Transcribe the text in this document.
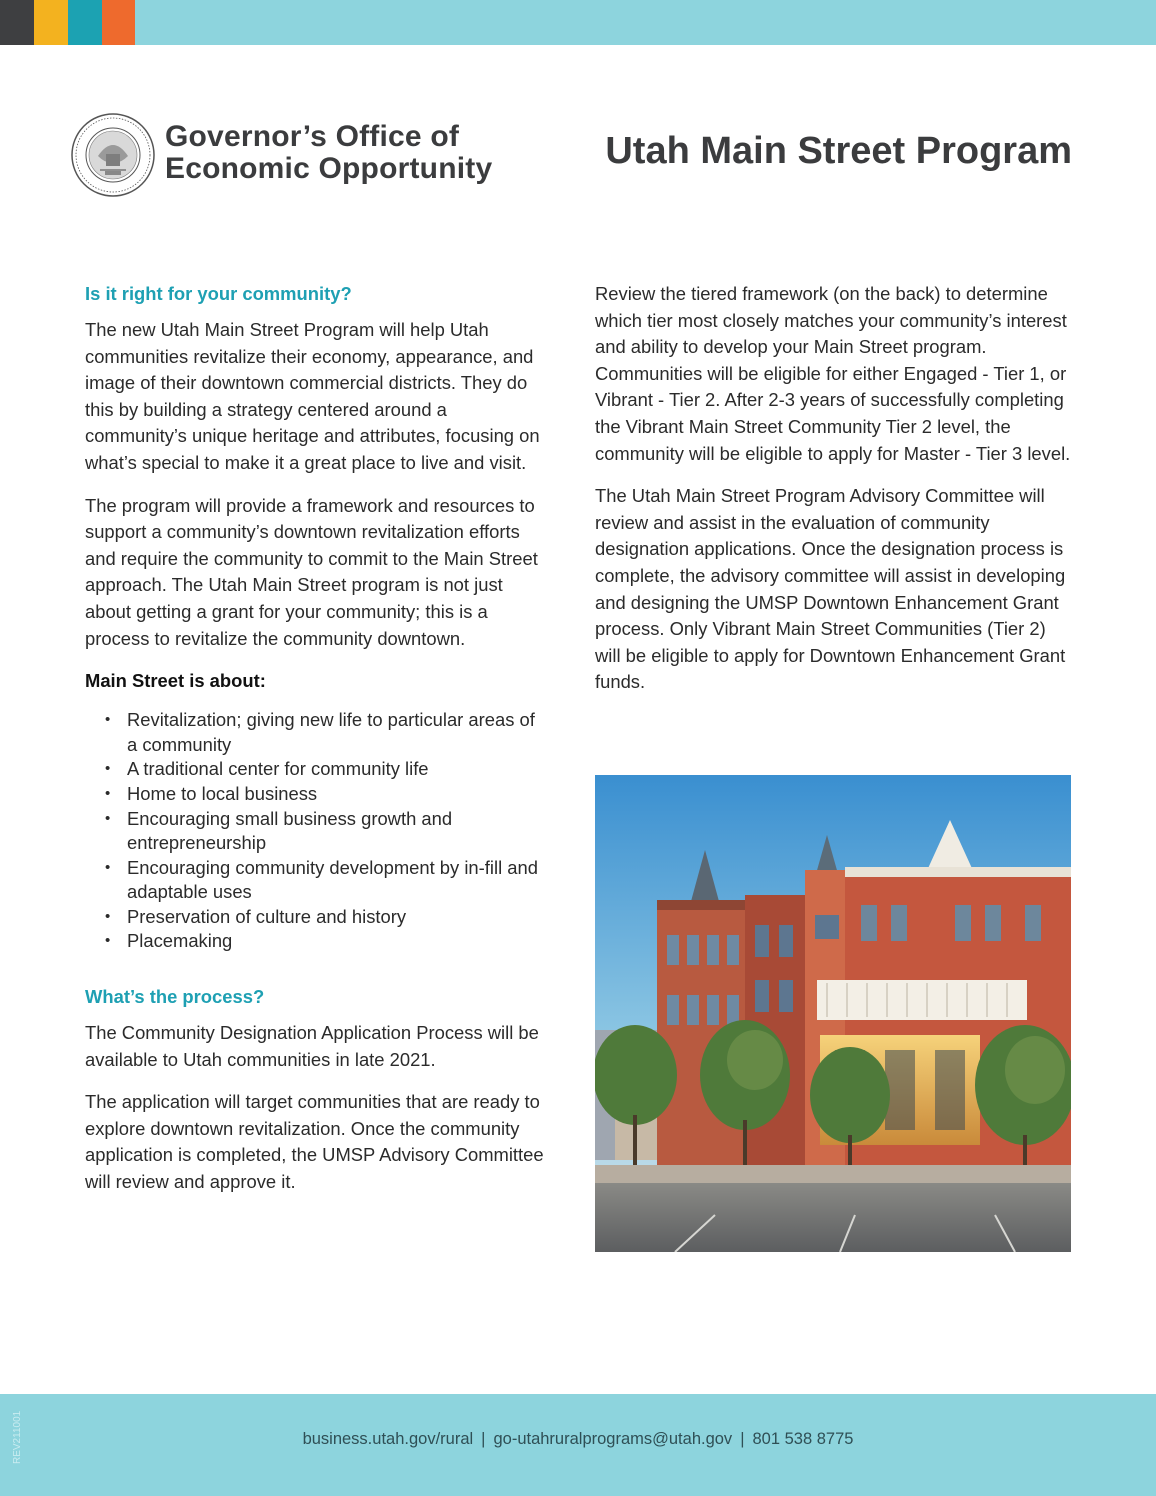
Governor’s Office of
Economic Opportunity	Utah Main Street Program
Is it right for your community?

The new Utah Main Street Program will help Utah communities revitalize their economy, appearance, and image of their downtown commercial districts. They do this by building a strategy centered around a community’s unique heritage and attributes, focusing on what’s special to make it a great place to live and visit.

The program will provide a framework and resources to support a community’s downtown revitalization efforts and require the community to commit to the Main Street approach. The Utah Main Street program is not just about getting a grant for your community; this is a process to revitalize the community downtown.

Main Street is about:
• Revitalization; giving new life to particular areas of a community
• A traditional center for community life
• Home to local business
• Encouraging small business growth and entrepreneurship
• Encouraging community development by in-fill and adaptable uses
• Preservation of culture and history
• Placemaking
What’s the process?

The Community Designation Application Process will be available to Utah communities in late 2021.

The application will target communities that are ready to explore downtown revitalization. Once the community application is completed, the UMSP Advisory Committee will review and approve it.

Review the tiered framework (on the back) to determine which tier most closely matches your community’s interest and ability to develop your Main Street program. Communities will be eligible for either Engaged - Tier 1, or Vibrant - Tier 2. After 2-3 years of successfully completing the Vibrant Main Street Community Tier 2 level, the community will be eligible to apply for Master - Tier 3 level.

The Utah Main Street Program Advisory Committee will review and assist in the evaluation of community designation applications. Once the designation process is complete, the advisory committee will assist in developing and designing the UMSP Downtown Enhancement Grant process. Only Vibrant Main Street Communities (Tier 2) will be eligible to apply for Downtown Enhancement Grant funds.

business.utah.gov/rural | go-utahruralprograms@utah.gov | 801 538 8775
REV211001
